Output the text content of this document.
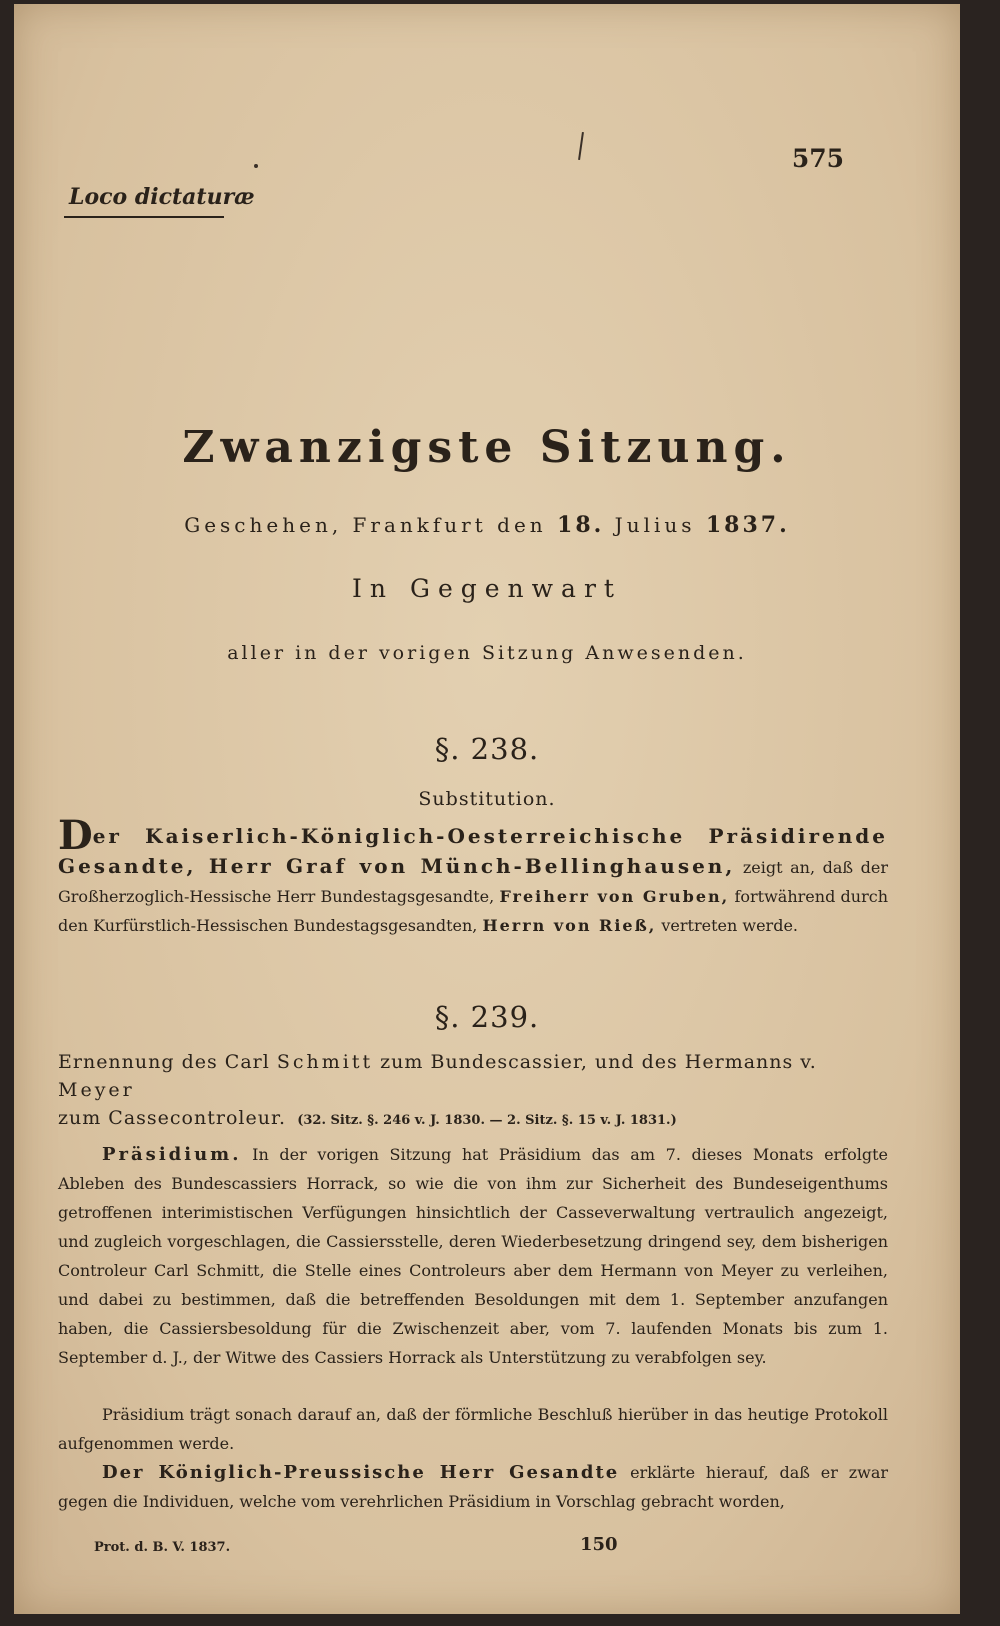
575
Loco dictaturæ
Zwanzigste Sitzung.
Geschehen, Frankfurt den 18. Julius 1837.
In Gegenwart
aller in der vorigen Sitzung Anwesenden.
§. 238.
Substitution.
Der Kaiserlich-Königlich-Oesterreichische Präsidirende Gesandte, Herr Graf von Münch-Bellinghausen, zeigt an, daß der Großherzoglich-Hessische Herr Bundestagsgesandte, Freiherr von Gruben, fortwährend durch den Kurfürstlich-Hessischen Bundestagsgesandten, Herrn von Rieß, vertreten werde.
§. 239.
Ernennung des Carl Schmitt zum Bundescassier, und des Hermanns v. Meyer
zum Cassecontroleur. (32. Sitz. §. 246 v. J. 1830. — 2. Sitz. §. 15 v. J. 1831.)
Präsidium. In der vorigen Sitzung hat Präsidium das am 7. dieses Monats erfolgte Ableben des Bundescassiers Horrack, so wie die von ihm zur Sicherheit des Bundeseigenthums getroffenen interimistischen Verfügungen hinsichtlich der Casseverwaltung vertraulich angezeigt, und zugleich vorgeschlagen, die Cassiersstelle, deren Wiederbesetzung dringend sey, dem bisherigen Controleur Carl Schmitt, die Stelle eines Controleurs aber dem Hermann von Meyer zu verleihen, und dabei zu bestimmen, daß die betreffenden Besoldungen mit dem 1. September anzufangen haben, die Cassiersbesoldung für die Zwischenzeit aber, vom 7. laufenden Monats bis zum 1. September d. J., der Witwe des Cassiers Horrack als Unterstützung zu verabfolgen sey.
Präsidium trägt sonach darauf an, daß der förmliche Beschluß hierüber in das heutige Protokoll aufgenommen werde.
Der Königlich-Preussische Herr Gesandte erklärte hierauf, daß er zwar gegen die Individuen, welche vom verehrlichen Präsidium in Vorschlag gebracht worden,
Prot. d. B. V. 1837.	150
